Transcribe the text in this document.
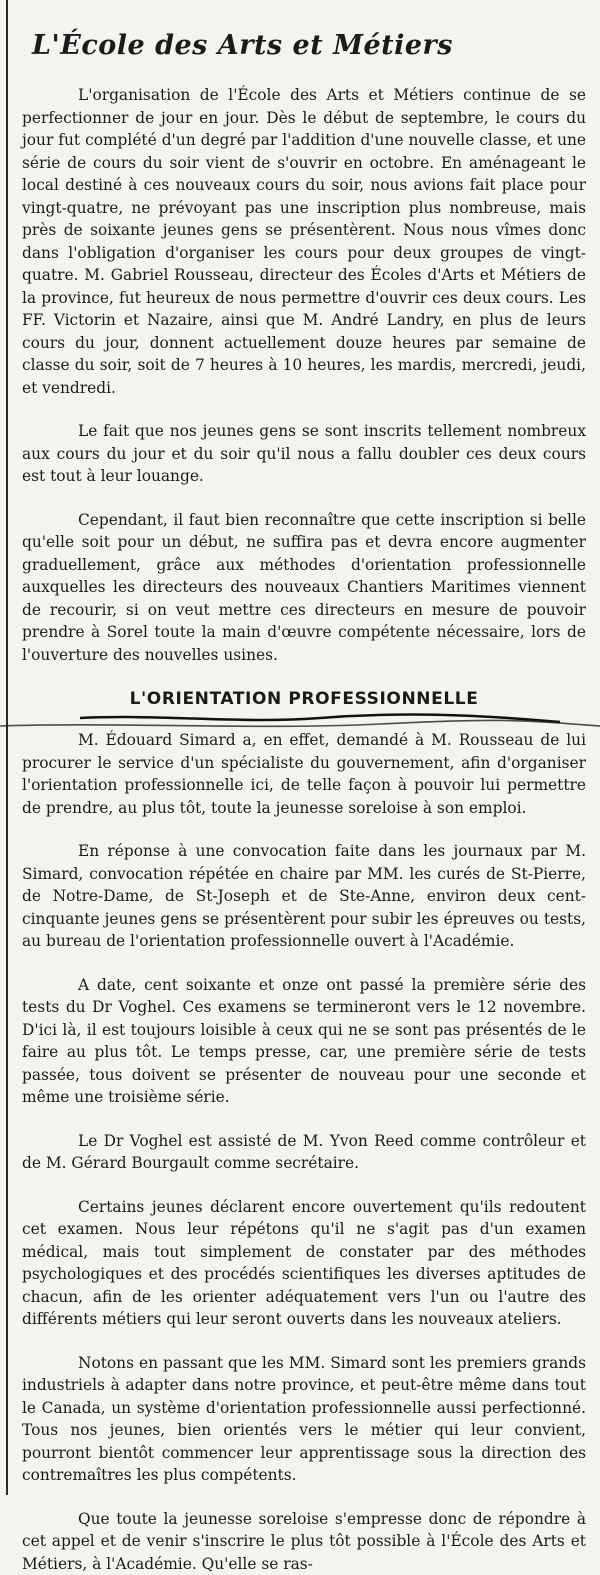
L'École des Arts et Métiers

L'organisation de l'École des Arts et Métiers continue de se perfectionner de jour en jour. Dès le début de septembre, le cours du jour fut complété d'un degré par l'addition d'une nouvelle classe, et une série de cours du soir vient de s'ouvrir en octobre. En aménageant le local destiné à ces nouveaux cours du soir, nous avions fait place pour vingt-quatre, ne prévoyant pas une inscription plus nombreuse, mais près de soixante jeunes gens se présentèrent. Nous nous vîmes donc dans l'obligation d'organiser les cours pour deux groupes de vingt-quatre. M. Gabriel Rousseau, directeur des Écoles d'Arts et Métiers de la province, fut heureux de nous permettre d'ouvrir ces deux cours. Les FF. Victorin et Nazaire, ainsi que M. André Landry, en plus de leurs cours du jour, donnent actuellement douze heures par semaine de classe du soir, soit de 7 heures à 10 heures, les mardis, mercredi, jeudi, et vendredi.

Le fait que nos jeunes gens se sont inscrits tellement nombreux aux cours du jour et du soir qu'il nous a fallu doubler ces deux cours est tout à leur louange.

Cependant, il faut bien reconnaître que cette inscription si belle qu'elle soit pour un début, ne suffira pas et devra encore augmenter graduellement, grâce aux méthodes d'orientation professionnelle auxquelles les directeurs des nouveaux Chantiers Maritimes viennent de recourir, si on veut mettre ces directeurs en mesure de pouvoir prendre à Sorel toute la main d'œuvre compétente nécessaire, lors de l'ouverture des nouvelles usines.

L'ORIENTATION PROFESSIONNELLE

M. Édouard Simard a, en effet, demandé à M. Rousseau de lui procurer le service d'un spécialiste du gouvernement, afin d'organiser l'orientation professionnelle ici, de telle façon à pouvoir lui permettre de prendre, au plus tôt, toute la jeunesse soreloise à son emploi.

En réponse à une convocation faite dans les journaux par M. Simard, convocation répétée en chaire par MM. les curés de St-Pierre, de Notre-Dame, de St-Joseph et de Ste-Anne, environ deux cent-cinquante jeunes gens se présentèrent pour subir les épreuves ou tests, au bureau de l'orientation professionnelle ouvert à l'Académie.

A date, cent soixante et onze ont passé la première série des tests du Dr Voghel. Ces examens se termineront vers le 12 novembre. D'ici là, il est toujours loisible à ceux qui ne se sont pas présentés de le faire au plus tôt. Le temps presse, car, une première série de tests passée, tous doivent se présenter de nouveau pour une seconde et même une troisième série.

Le Dr Voghel est assisté de M. Yvon Reed comme contrôleur et de M. Gérard Bourgault comme secrétaire.

Certains jeunes déclarent encore ouvertement qu'ils redoutent cet examen. Nous leur répétons qu'il ne s'agit pas d'un examen médical, mais tout simplement de constater par des méthodes psychologiques et des procédés scientifiques les diverses aptitudes de chacun, afin de les orienter adéquatement vers l'un ou l'autre des différents métiers qui leur seront ouverts dans les nouveaux ateliers.

Notons en passant que les MM. Simard sont les premiers grands industriels à adapter dans notre province, et peut-être même dans tout le Canada, un système d'orientation professionnelle aussi perfectionné. Tous nos jeunes, bien orientés vers le métier qui leur convient, pourront bientôt commencer leur apprentissage sous la direction des contremaîtres les plus compétents.

Que toute la jeunesse soreloise s'empresse donc de répondre à cet appel et de venir s'inscrire le plus tôt possible à l'École des Arts et Métiers, à l'Académie. Qu'elle se ras-
